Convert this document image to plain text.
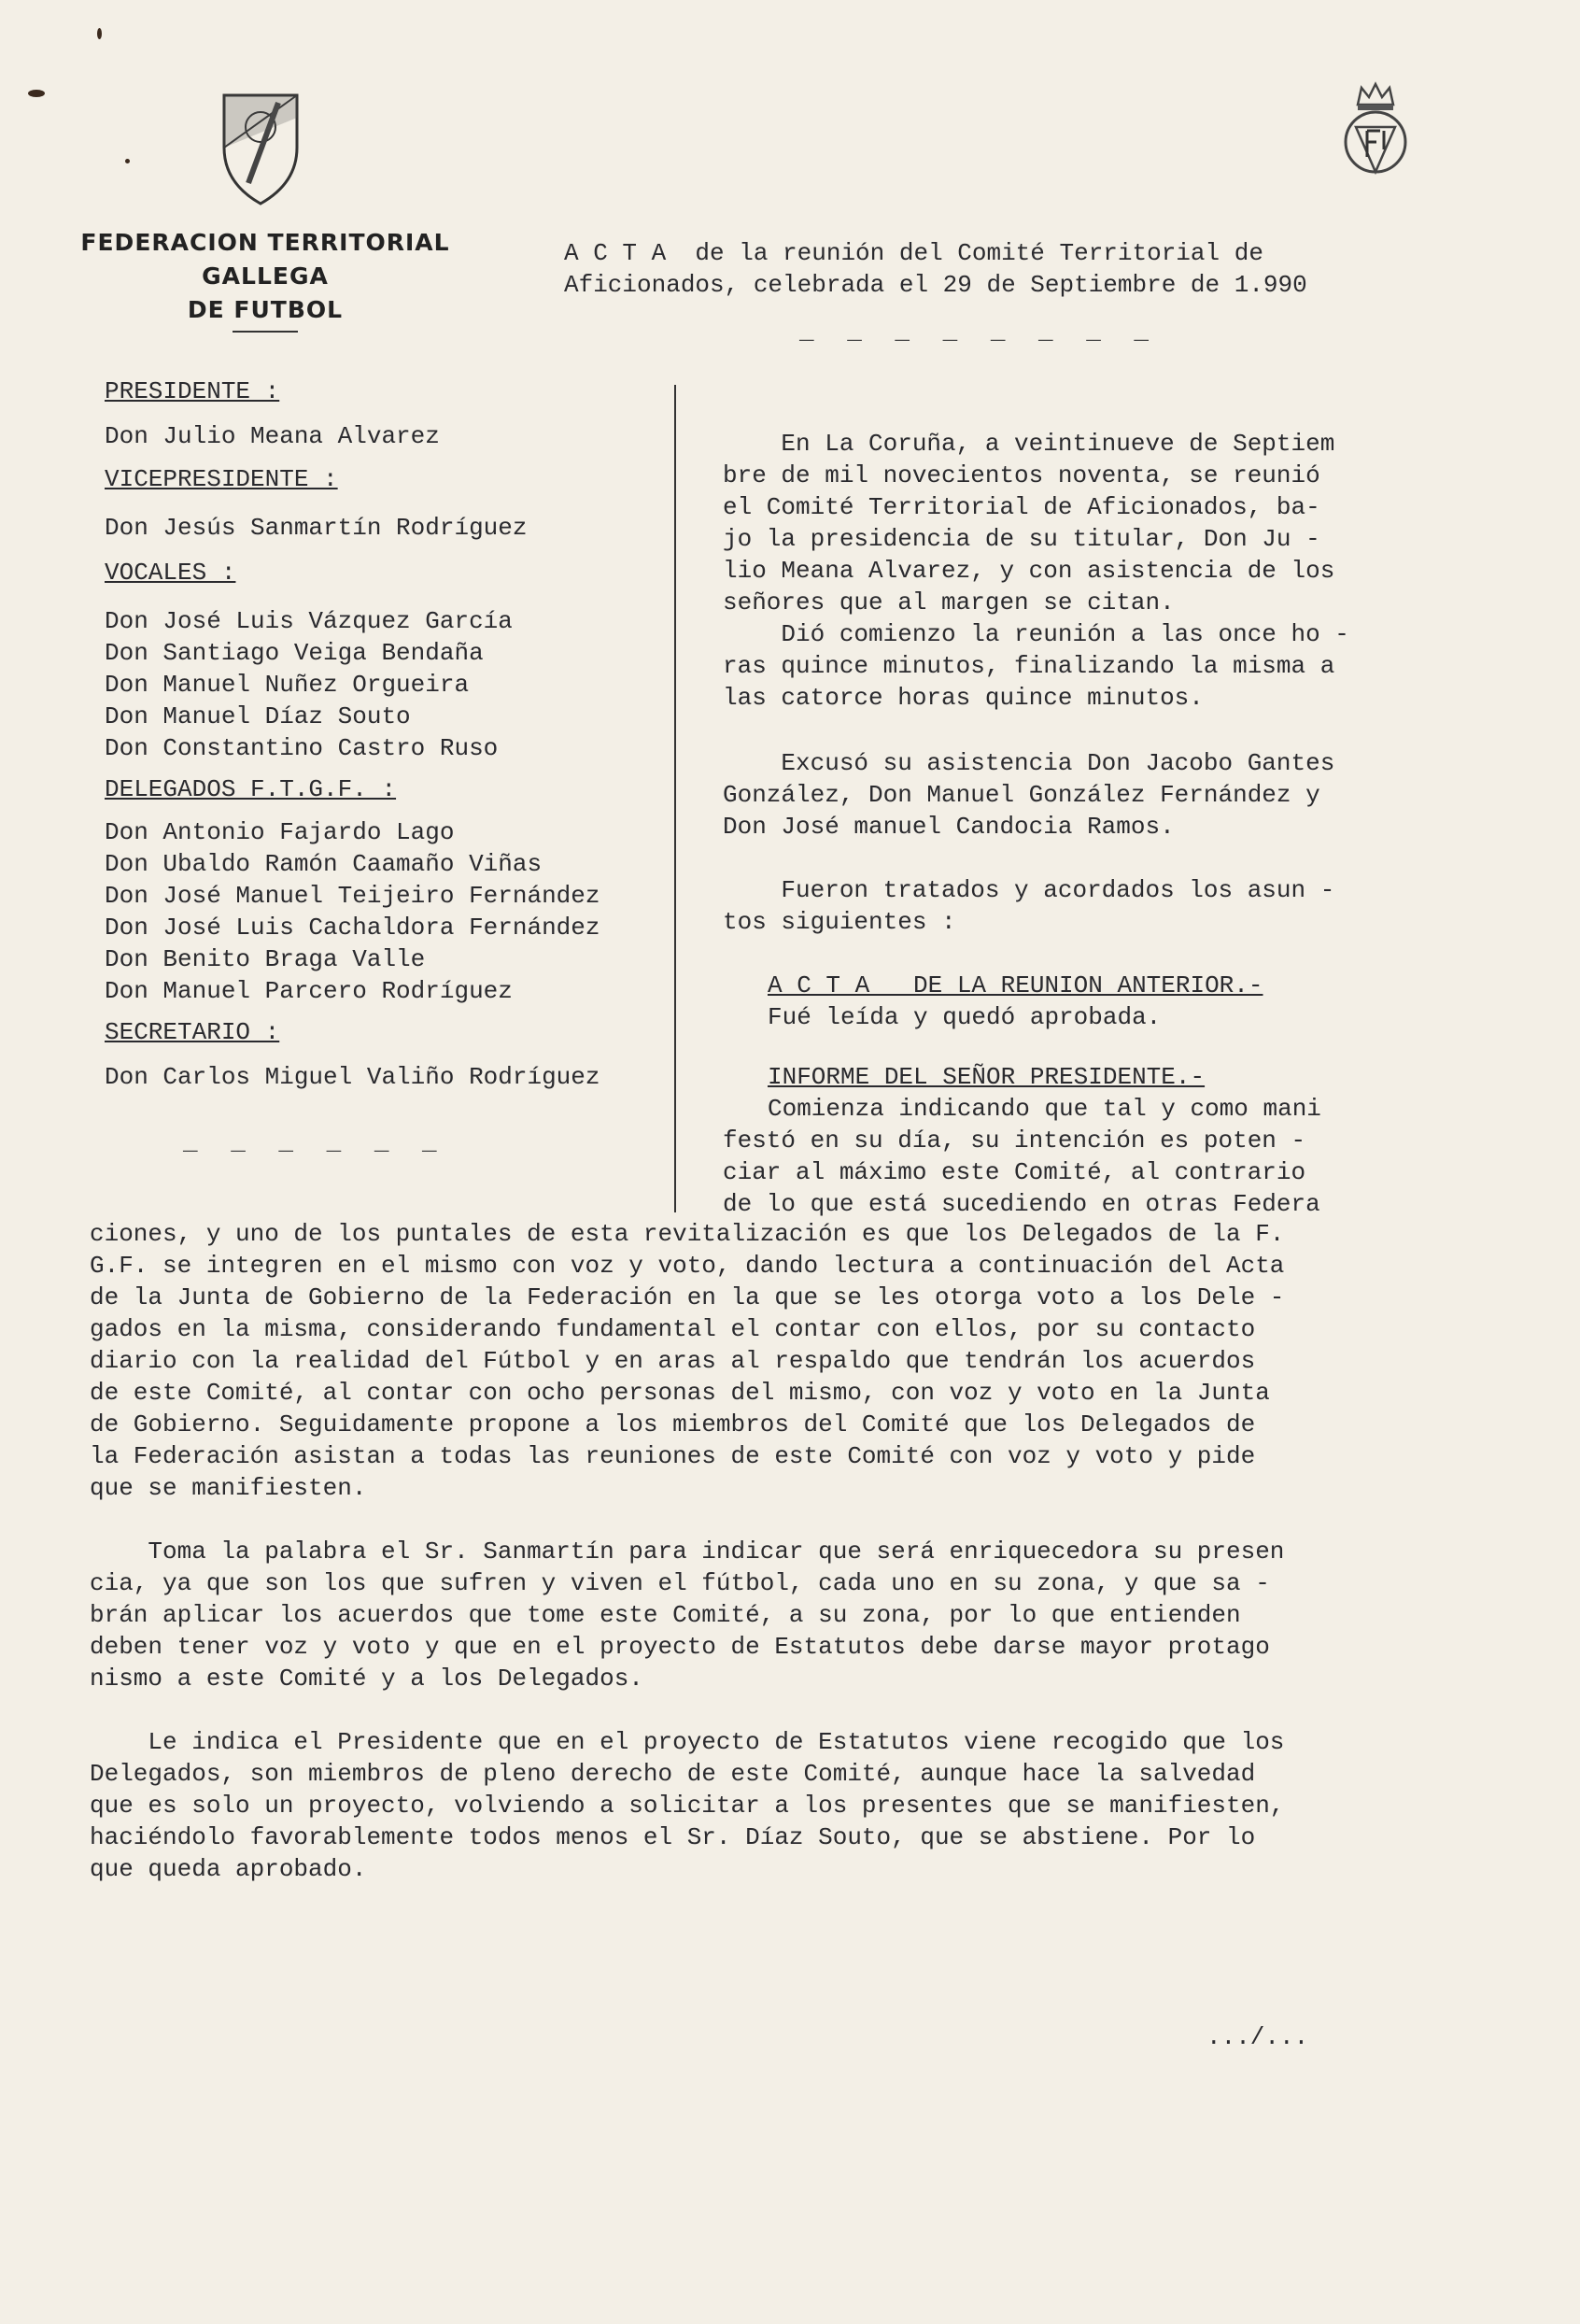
FEDERACION TERRITORIAL GALLEGA
DE FUTBOL

A C T A  de la reunión del Comité Territorial de

Aficionados, celebrada el 29 de Septiembre de 1.990

_ _ _ _ _ _ _ _

PRESIDENTE :

Don Julio Meana Alvarez

VICEPRESIDENTE :

Don Jesús Sanmartín Rodríguez

VOCALES :

Don José Luis Vázquez García

Don Santiago Veiga Bendaña

Don Manuel Nuñez Orgueira

Don Manuel Díaz Souto

Don Constantino Castro Ruso

DELEGADOS F.T.G.F. :

Don Antonio Fajardo Lago

Don Ubaldo Ramón Caamaño Viñas

Don José Manuel Teijeiro Fernández

Don José Luis Cachaldora Fernández

Don Benito Braga Valle

Don Manuel Parcero Rodríguez

SECRETARIO :

Don Carlos Miguel Valiño Rodríguez

_ _ _ _ _ _

En La Coruña, a veintinueve de Septiem

bre de mil novecientos noventa, se reunió

el Comité Territorial de Aficionados, ba-

jo la presidencia de su titular, Don Ju -

lio Meana Alvarez, y con asistencia de los

señores que al margen se citan.

Dió comienzo la reunión a las once ho -

ras quince minutos, finalizando la misma a

las catorce horas quince minutos.

Excusó su asistencia Don Jacobo Gantes

González, Don Manuel González Fernández y

Don José manuel Candocia Ramos.

Fueron tratados y acordados los asun -

tos siguientes :

A C T A   DE LA REUNION ANTERIOR.-

Fué leída y quedó aprobada.

INFORME DEL SEÑOR PRESIDENTE.-

Comienza indicando que tal y como mani

festó en su día, su intención es poten -

ciar al máximo este Comité, al contrario

de lo que está sucediendo en otras Federa

ciones, y uno de los puntales de esta revitalización es que los Delegados de la F.

G.F. se integren en el mismo con voz y voto, dando lectura a continuación del Acta

de la Junta de Gobierno de la Federación en la que se les otorga voto a los Dele -

gados en la misma, considerando fundamental el contar con ellos, por su contacto

diario con la realidad del Fútbol y en aras al respaldo que tendrán los acuerdos

de este Comité, al contar con ocho personas del mismo, con voz y voto en la Junta

de Gobierno. Seguidamente propone a los miembros del Comité que los Delegados de

la Federación asistan a todas las reuniones de este Comité con voz y voto y pide

que se manifiesten.

Toma la palabra el Sr. Sanmartín para indicar que será enriquecedora su presen

cia, ya que son los que sufren y viven el fútbol, cada uno en su zona, y que sa -

brán aplicar los acuerdos que tome este Comité, a su zona, por lo que entienden

deben tener voz y voto y que en el proyecto de Estatutos debe darse mayor protago

nismo a este Comité y a los Delegados.

Le indica el Presidente que en el proyecto de Estatutos viene recogido que los

Delegados, son miembros de pleno derecho de este Comité, aunque hace la salvedad

que es solo un proyecto, volviendo a solicitar a los presentes que se manifiesten,

haciéndolo favorablemente todos menos el Sr. Díaz Souto, que se abstiene. Por lo

que queda aprobado.

.../...
